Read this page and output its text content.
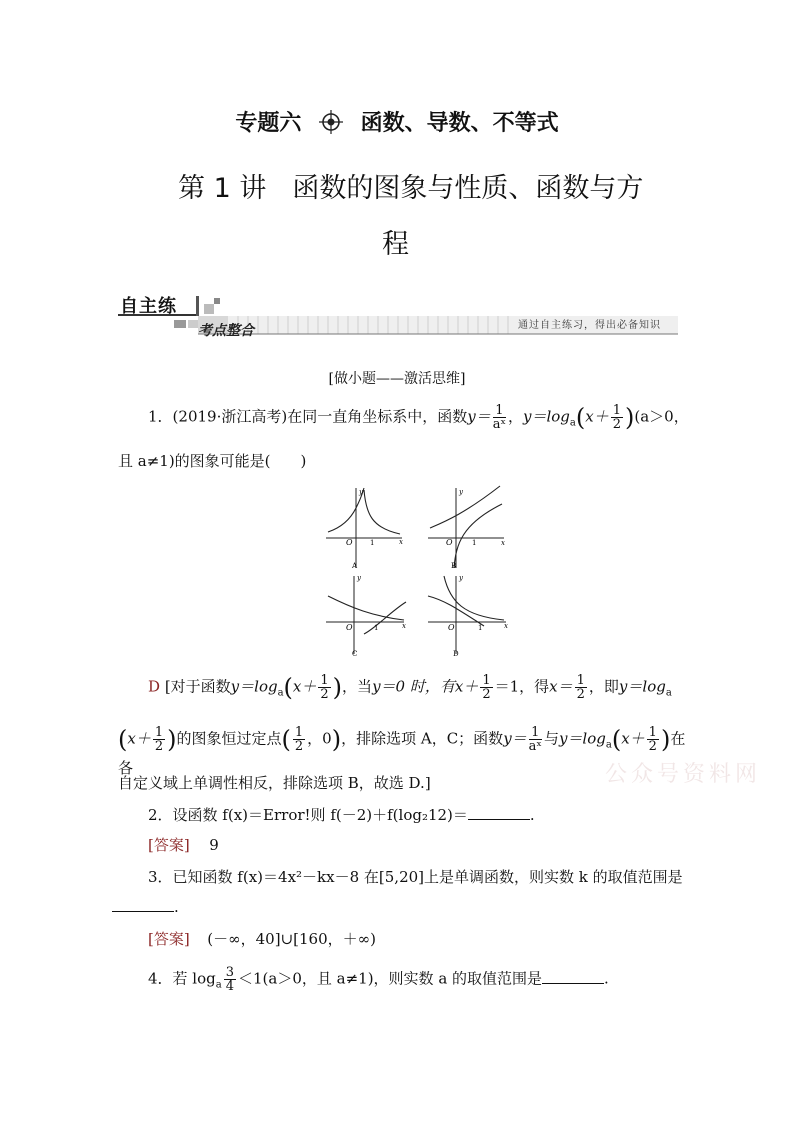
专题六	函数、导数、不等式
第 1 讲 函数的图象与性质、函数与方
程
自主练
考点整合	通过自主练习，得出必备知识
[做小题——激活思维]
1．(2019·浙江高考)在同一直角坐标系中，函数$y= \frac{1}{\text{aˣ}}$ ，$y=\log_a(x+ \frac{1}{2} )(a>0$，
且 a≠1)的图象可能是(　　)
x
y
O 1
A
x
y
O	1
B
x
y
O	1
C
x
y
O	1
D
D [对于函数$y=\log_a(x+ \frac{1}{2}$ )，当y＝0 时，有$x+ \frac{1}{2} =1$，得$x= \frac{1}{2}$ ，即$y=\log_a$
($x+ \frac{1}{2}$ )的图象恒过定点( $\frac{1}{2}$ ，0)，排除选项 A，C；函数$y= \frac{1}{\text{aˣ}}$ 与$y=\log_a(x+ \frac{1}{2}$ )在各
自定义域上单调性相反，排除选项 B，故选 D.]	公众号资料网
2．设函数 f(x)＝Error!则 f(－2)＋f(log₂12)＝	.
[答案] 9
3．已知函数 f(x)＝4x²－kx－8 在[5,20]上是单调函数，则实数 k 的取值范围是
.
[答案] (－∞，40]∪[160，＋∞)
4．若 $\log_a \frac{3}{4} <1(a>0$，且 a≠1)，则实数 a 的取值范围是	.
